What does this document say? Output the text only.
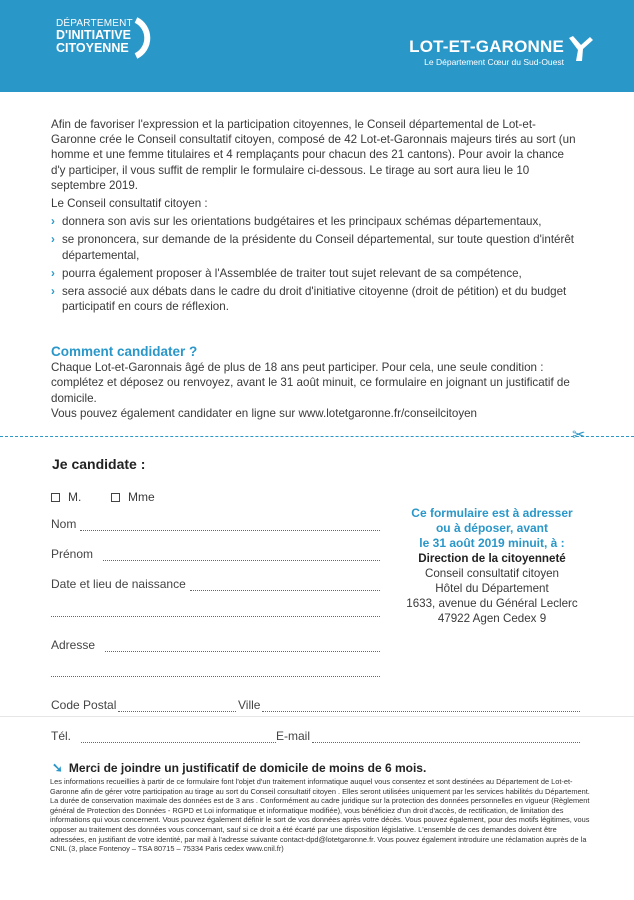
DÉPARTEMENT
D'INITIATIVE
CITOYENNE	LOT-ET-GARONNE
Le Département Cœur du Sud-Ouest

Afin de favoriser l'expression et la participation citoyennes, le Conseil départemental de Lot-et-Garonne crée le Conseil consultatif citoyen, composé de 42 Lot-et-Garonnais majeurs tirés au sort (un homme et une femme titulaires et 4 remplaçants pour chacun des 21 cantons). Pour avoir la chance d'y participer, il vous suffit de remplir le formulaire ci-dessous. Le tirage au sort aura lieu le 10 septembre 2019.

Le Conseil consultatif citoyen :

› donnera son avis sur les orientations budgétaires et les principaux schémas départementaux,
› se prononcera, sur demande de la présidente du Conseil départemental, sur toute question d'intérêt départemental,
› pourra également proposer à l'Assemblée de traiter tout sujet relevant de sa compétence,
› sera associé aux débats dans le cadre du droit d'initiative citoyenne (droit de pétition) et du budget participatif en cours de réflexion.
Comment candidater ?

Chaque Lot-et-Garonnais âgé de plus de 18 ans peut participer. Pour cela, une seule condition : complétez et déposez ou renvoyez, avant le 31 août minuit, ce formulaire en joignant un justificatif de domicile.

Vous pouvez également candidater en ligne sur www.lotetgaronne.fr/conseilcitoyen

✂
Je candidate :
M.	Mme
Nom
Prénom
Date et lieu de naissance
Adresse
Ce formulaire est à adresser
ou à déposer, avant
le 31 août 2019 minuit, à :
Direction de la citoyenneté
Conseil consultatif citoyen
Hôtel du Département
1633, avenue du Général Leclerc
47922 Agen Cedex 9
Code Postal	Ville
Tél.	E-mail
➘ Merci de joindre un justificatif de domicile de moins de 6 mois.
Les informations recueillies à partir de ce formulaire font l'objet d'un traitement informatique auquel vous consentez et sont destinées au Département de Lot-et-Garonne afin de gérer votre participation au tirage au sort du Conseil consultatif citoyen . Elles seront utilisées uniquement par les services habilités du Département. La durée de conservation maximale des données est de 3 ans . Conformément au cadre juridique sur la protection des données personnelles en vigueur (Règlement général de Protection des Données - RGPD et Loi informatique et informatique modifiée), vous bénéficiez d'un droit d'accès, de rectification, de limitation des informations qui vous concernent. Vous pouvez également définir le sort de vos données après votre décès. Vous pouvez également, pour des motifs légitimes, vous opposer au traitement des données vous concernant, sauf si ce droit a été écarté par une disposition législative. L'ensemble de ces demandes doivent être adressées, en justifiant de votre identité, par mail à l'adresse suivante contact-dpd@lotetgaronne.fr. Vous pouvez également introduire une réclamation auprès de la CNIL (3, place Fontenoy – TSA 80715 – 75334 Paris cedex www.cnil.fr)
